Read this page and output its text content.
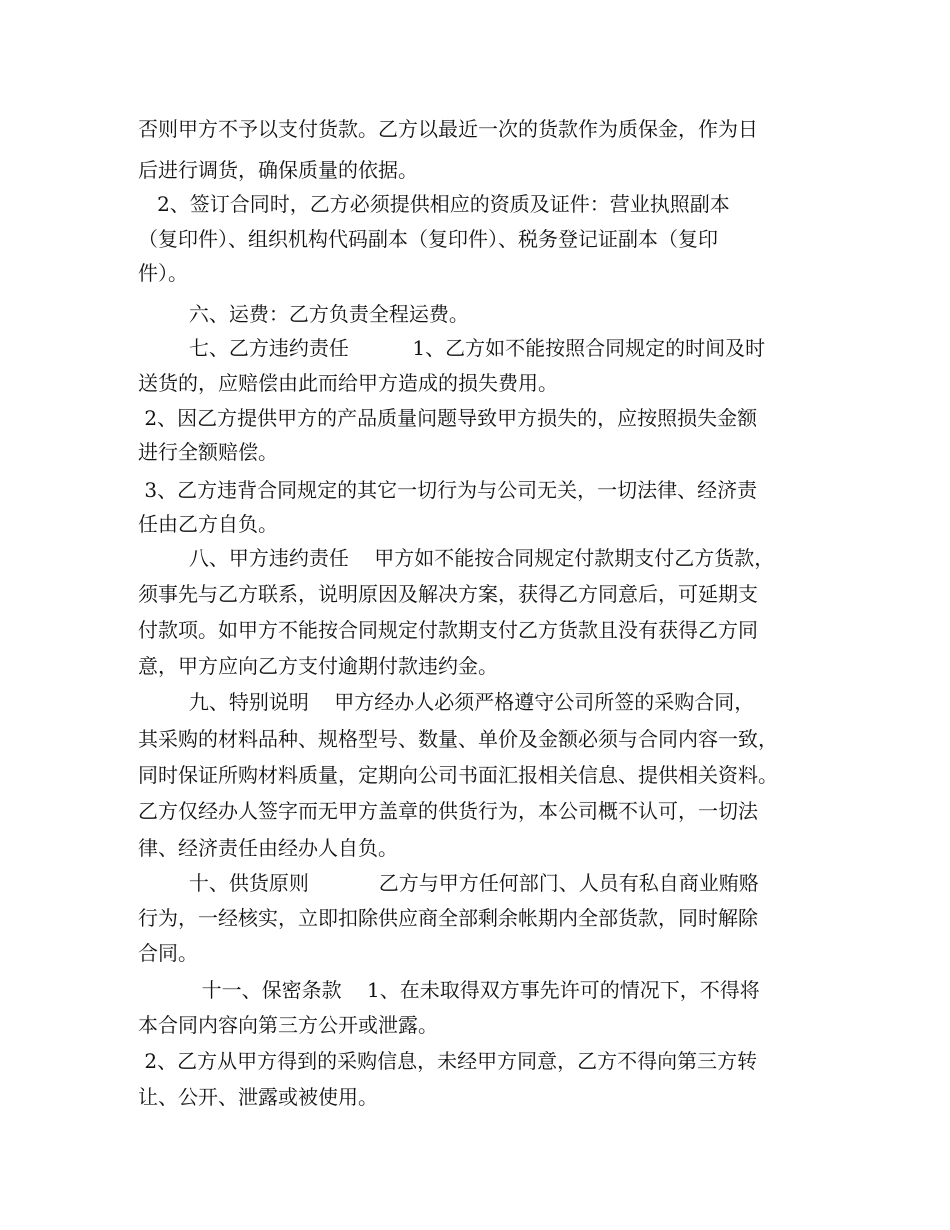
否则甲方不予以支付货款。乙方以最近一次的货款作为质保金，作为日
后进行调货，确保质量的依据。
2、签订合同时，乙方必须提供相应的资质及证件：营业执照副本
（复印件）、组织机构代码副本（复印件）、税务登记证副本（复印
件）。
六、运费：乙方负责全程运费。
七、乙方违约责任          1、乙方如不能按照合同规定的时间及时
送货的，应赔偿由此而给甲方造成的损失费用。
2、因乙方提供甲方的产品质量问题导致甲方损失的，应按照损失金额
进行全额赔偿。
3、乙方违背合同规定的其它一切行为与公司无关，一切法律、经济责
任由乙方自负。
八、甲方违约责任    甲方如不能按合同规定付款期支付乙方货款，
须事先与乙方联系，说明原因及解决方案，获得乙方同意后，可延期支
付款项。如甲方不能按合同规定付款期支付乙方货款且没有获得乙方同
意，甲方应向乙方支付逾期付款违约金。
九、特别说明    甲方经办人必须严格遵守公司所签的采购合同，
其采购的材料品种、规格型号、数量、单价及金额必须与合同内容一致，
同时保证所购材料质量，定期向公司书面汇报相关信息、提供相关资料。
乙方仅经办人签字而无甲方盖章的供货行为，本公司概不认可，一切法
律、经济责任由经办人自负。
十、供货原则           乙方与甲方任何部门、人员有私自商业贿赂
行为，一经核实，立即扣除供应商全部剩余帐期内全部货款，同时解除
合同。
十一、保密条款    1、在未取得双方事先许可的情况下，不得将
本合同内容向第三方公开或泄露。
2、乙方从甲方得到的采购信息，未经甲方同意，乙方不得向第三方转
让、公开、泄露或被使用。
